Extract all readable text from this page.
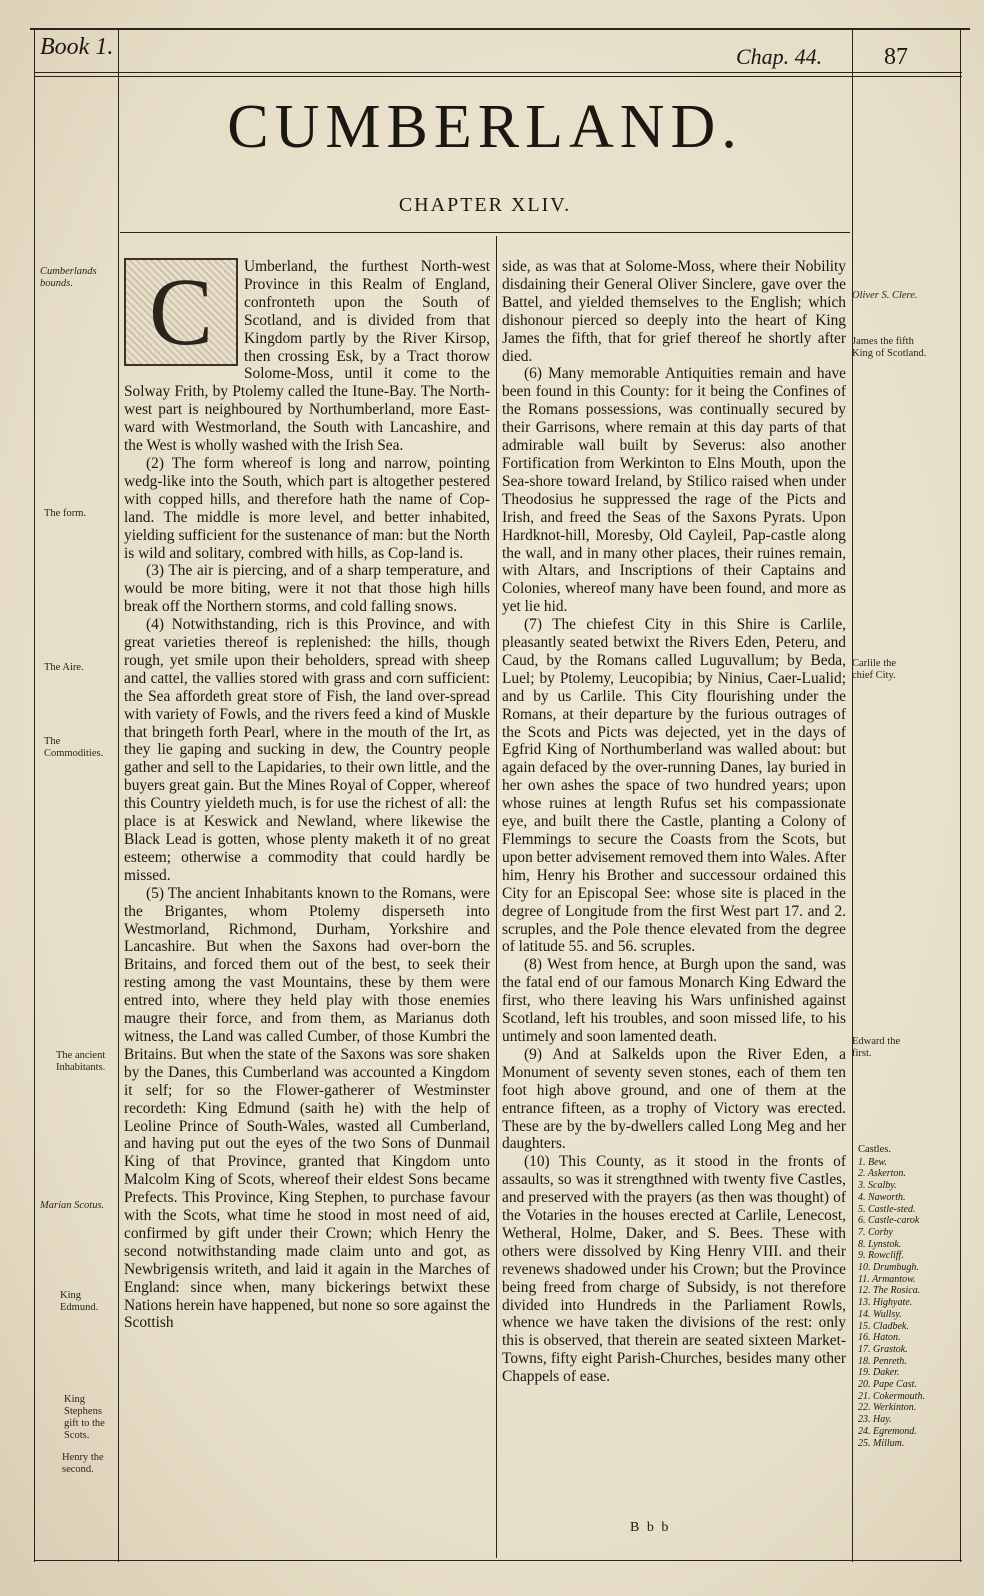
Book 1.	Chap. 44.	87
CUMBERLAND.
CHAPTER XLIV.
C	Umberland, the furthest North-west Province in this Realm of England, confronteth upon the South of Scotland, and is divided from that Kingdom partly by the River Kirsop, then crossing Esk, by a Tract thorow Solome-Moss, until it come to the Solway Frith, by Ptolemy called the Itune-Bay. The North-west part is neighboured by Northumberland, more East-ward with Westmorland, the South with Lancashire, and the West is wholly washed with the Irish Sea.

(2) The form whereof is long and narrow, pointing wedg-like into the South, which part is altogether pestered with copped hills, and therefore hath the name of Cop-land. The middle is more level, and better inhabited, yielding sufficient for the sustenance of man: but the North is wild and solitary, combred with hills, as Cop-land is.

(3) The air is piercing, and of a sharp temperature, and would be more biting, were it not that those high hills break off the Northern storms, and cold falling snows.

(4) Notwithstanding, rich is this Province, and with great varieties thereof is replenished: the hills, though rough, yet smile upon their beholders, spread with sheep and cattel, the vallies stored with grass and corn sufficient: the Sea affordeth great store of Fish, the land over-spread with variety of Fowls, and the rivers feed a kind of Muskle that bringeth forth Pearl, where in the mouth of the Irt, as they lie gaping and sucking in dew, the Country people gather and sell to the Lapidaries, to their own little, and the buyers great gain. But the Mines Royal of Copper, whereof this Country yieldeth much, is for use the richest of all: the place is at Keswick and Newland, where likewise the Black Lead is gotten, whose plenty maketh it of no great esteem; otherwise a commodity that could hardly be missed.

(5) The ancient Inhabitants known to the Romans, were the Brigantes, whom Ptolemy disperseth into Westmorland, Richmond, Durham, Yorkshire and Lancashire. But when the Saxons had over-born the Britains, and forced them out of the best, to seek their resting among the vast Mountains, these by them were entred into, where they held play with those enemies maugre their force, and from them, as Marianus doth witness, the Land was called Cumber, of those Kumbri the Britains. But when the state of the Saxons was sore shaken by the Danes, this Cumberland was accounted a Kingdom it self; for so the Flower-gatherer of Westminster recordeth: King Edmund (saith he) with the help of Leoline Prince of South-Wales, wasted all Cumberland, and having put out the eyes of the two Sons of Dunmail King of that Province, granted that Kingdom unto Malcolm King of Scots, whereof their eldest Sons became Prefects. This Province, King Stephen, to purchase favour with the Scots, what time he stood in most need of aid, confirmed by gift under their Crown; which Henry the second notwithstanding made claim unto and got, as Newbrigensis writeth, and laid it again in the Marches of England: since when, many bickerings betwixt these Nations herein have happened, but none so sore against the Scottish

side, as was that at Solome-Moss, where their Nobility disdaining their General Oliver Sinclere, gave over the Battel, and yielded themselves to the English; which dishonour pierced so deeply into the heart of King James the fifth, that for grief thereof he shortly after died.

(6) Many memorable Antiquities remain and have been found in this County: for it being the Confines of the Romans possessions, was continually secured by their Garrisons, where remain at this day parts of that admirable wall built by Severus: also another Fortification from Werkinton to Elns Mouth, upon the Sea-shore toward Ireland, by Stilico raised when under Theodosius he suppressed the rage of the Picts and Irish, and freed the Seas of the Saxons Pyrats. Upon Hardknot-hill, Moresby, Old Cayleil, Pap-castle along the wall, and in many other places, their ruines remain, with Altars, and Inscriptions of their Captains and Colonies, whereof many have been found, and more as yet lie hid.

(7) The chiefest City in this Shire is Carlile, pleasantly seated betwixt the Rivers Eden, Peteru, and Caud, by the Romans called Luguvallum; by Beda, Luel; by Ptolemy, Leucopibia; by Ninius, Caer-Lualid; and by us Carlile. This City flourishing under the Romans, at their departure by the furious outrages of the Scots and Picts was dejected, yet in the days of Egfrid King of Northumberland was walled about: but again defaced by the over-running Danes, lay buried in her own ashes the space of two hundred years; upon whose ruines at length Rufus set his compassionate eye, and built there the Castle, planting a Colony of Flemmings to secure the Coasts from the Scots, but upon better advisement removed them into Wales. After him, Henry his Brother and successour ordained this City for an Episcopal See: whose site is placed in the degree of Longitude from the first West part 17. and 2. scruples, and the Pole thence elevated from the degree of latitude 55. and 56. scruples.

(8) West from hence, at Burgh upon the sand, was the fatal end of our famous Monarch King Edward the first, who there leaving his Wars unfinished against Scotland, left his troubles, and soon missed life, to his untimely and soon lamented death.

(9) And at Salkelds upon the River Eden, a Monument of seventy seven stones, each of them ten foot high above ground, and one of them at the entrance fifteen, as a trophy of Victory was erected. These are by the by-dwellers called Long Meg and her daughters.

(10) This County, as it stood in the fronts of assaults, so was it strengthned with twenty five Castles, and preserved with the prayers (as then was thought) of the Votaries in the houses erected at Carlile, Lenecost, Wetheral, Holme, Daker, and S. Bees. These with others were dissolved by King Henry VIII. and their revenews shadowed under his Crown; but the Province being freed from charge of Subsidy, is not therefore divided into Hundreds in the Parliament Rowls, whence we have taken the divisions of the rest: only this is observed, that therein are seated sixteen Market-Towns, fifty eight Parish-Churches, besides many other Chappels of ease.

Cumberlands bounds.
The form.
The Aire.
The Commodities.
The ancient Inhabitants.
Marian Scotus.
King Edmund.
King Stephens gift to the Scots.
Henry the second.
Oliver S. Clere.
James the fifth King of Scotland.
Carlile the chief City.
Edward the first.
Castles.
1. Bew.
2. Askerton.
3. Scalby.
4. Naworth.
5. Castle-sted.
6. Castle-carok
7. Corby
8. Lynstok.
9. Rowcliff.
10. Drumbugh.
11. Armantow.
12. The Rosica.
13. Highyate.
14. Wullsy.
15. Cladbek.
16. Haton.
17. Grastok.
18. Penreth.
19. Daker.
20. Pape Cast.
21. Cokermouth.
22. Werkinton.
23. Hay.
24. Egremond.
25. Millum.
B b b
